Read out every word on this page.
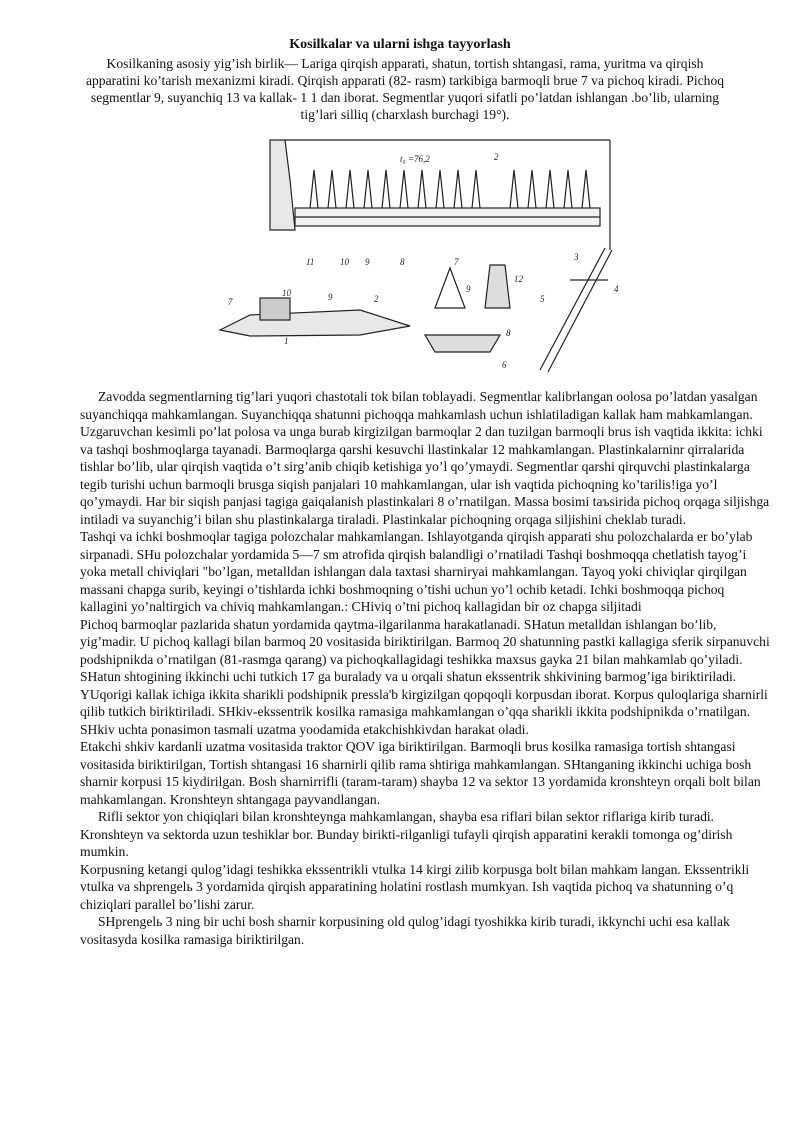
Kosilkalar va ularni ishga tayyorlash

Kosilkaning asosiy yig’ish birlik— Lariga qirqish apparati, shatun, tortish shtangasi, rama, yuritma va qirqish apparatini ko’tarish mexanizmi kiradi. Qirqish apparati (82- rasm) tarkibiga barmoqli brue 7 va pichoq kiradi. Pichoq segmentlar 9, suyanchiq 13 va kallak- 1 1 dan iborat. Segmentlar yuqori sifatli po’latdan ishlangan .bo’lib, ularning tig’lari silliq (charxlash burchagi 19°).

t₀ =76,2	2
11	10 9	8	7	3
4
5
6
7
10	9	2
1
9
12
8

Zavodda segmentlarning tig’lari yuqori chastotali tok bilan toblayadi. Segmentlar kalibrlangan oolosa po’latdan yasalgan suyanchiqqa mahkamlangan. Suyanchiqqa shatunni pichoqqa mahkamlash uchun ishlatiladigan kallak ham mahkamlangan. Uzgaruvchan kesimli po’lat polosa va unga burab kirgizilgan barmoqlar 2 dan tuzilgan barmoqli brus ish vaqtida ikkita: ichki va tashqi boshmoqlarga tayanadi. Barmoqlarga qarshi kesuvchi llastinkalar 12 mahkamlangan. Plastinkalarninr qirralarida tishlar bo’lib, ular qirqish vaqtida o’t sirg’anib chiqib ketishiga yo’l qo’ymaydi. Segmentlar qarshi qirquvchi plastinkalarga tegib turishi uchun barmoqli brusga siqish panjalari 10 mahkamlangan, ular ish vaqtida pichoqning ko’tarilis!iga yo’l qo’ymaydi. Har bir siqish panjasi tagiga gaiqalanish plastinkalari 8 o’rnatilgan. Massa bosimi taъsirida pichoq orqaga siljishga intiladi va suyanchig’i bilan shu plastinkalarga tiraladi. Plastinkalar pichoqning orqaga siljishini cheklab turadi.

Tashqi va ichki boshmoqlar tagiga polozchalar mahkamlangan. Ishlayotganda qirqish apparati shu polozchalarda er bo’ylab sirpanadi. SHu polozchalar yordamida 5—7 sm atrofida qirqish balandligi o’rnatiladi Tashqi boshmoqqa chetlatish tayog’i yoka metall chiviqlari "bo’lgan, metalldan ishlangan dala taxtasi sharniryai mahkamlangan. Tayoq yoki chiviqlar qirqilgan massani chapga surib, keyingi o’tishlarda ichki boshmoqning o’tishi uchun yo’l ochib ketadi. Ichki boshmoqqa pichoq kallagini yo’naltirgich va chiviq mahkamlangan.: CHiviq o’tni pichoq kallagidan bir oz chapga siljitadi

Pichoq barmoqlar pazlarida shatun yordamida qaytma-ilgarilanma harakatlanadi. SHatun metalldan ishlangan bo’lib, yig’madir. U pichoq kallagi bilan barmoq 20 vositasida biriktirilgan. Barmoq 20 shatunning pastki kallagiga sferik sirpanuvchi podshipnikda o’rnatilgan (81-rasmga qarang) va pichoqkallagidagi teshikka maxsus gayka 21 bilan mahkamlab qo’yiladi. SHatun shtogining ikkinchi uchi tutkich 17 ga buralady va u orqali shatun ekssentrik shkivining barmog’iga biriktiriladi. YUqorigi kallak ichiga ikkita sharikli podshipnik pressla'b kirgizilgan qopqoqli korpusdan iborat. Korpus quloqlariga sharnirli qilib tutkich biriktiriladi. SHkiv-ekssentrik kosilka ramasiga mahkamlangan o’qqa sharikli ikkita podshipnikda o’rnatilgan. SHkiv uchta ponasimon tasmali uzatma yoodamida etakchishkivdan harakat oladi.

Etakchi shkiv kardanli uzatma vositasida traktor QOV iga biriktirilgan. Barmoqli brus kosilka ramasiga tortish shtangasi vositasida biriktirilgan, Tortish shtangasi 16 sharnirli qilib rama shtiriga mahkamlangan. SHtanganing ikkinchi uchiga bosh sharnir korpusi 15 kiydirilgan. Bosh sharnirrifli (taram-taram) shayba 12 va sektor 13 yordamida kronshteyn orqali bolt bilan mahkamlangan. Kronshteyn shtangaga payvandlangan.

Rifli sektor yon chiqiqlari bilan kronshteynga mahkamlangan, shayba esa riflari bilan sektor riflariga kirib turadi. Kronshteyn va sektorda uzun teshiklar bor. Bunday birikti-rilganligi tufayli qirqish apparatini kerakli tomonga og’dirish mumkin.

Korpusning ketangi qulog’idagi teshikka ekssentrikli vtulka 14 kirgi zilib korpusga bolt bilan mahkam langan. Ekssentrikli vtulka va shprengelь 3 yordamida qirqish apparatining holatini rostlash mumkyan. Ish vaqtida pichoq va shatunning o’q chiziqlari parallel bo’lishi zarur.

SHprengelь 3 ning bir uchi bosh sharnir korpusining old qulog’idagi tyoshikka kirib turadi, ikkynchi uchi esa kallak vositasyda kosilka ramasiga biriktirilgan.
